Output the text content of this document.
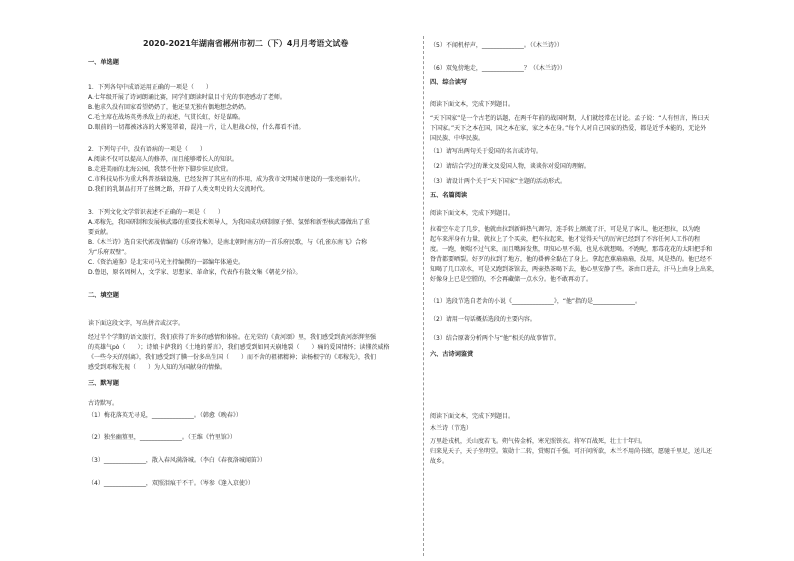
2020-2021年湖南省郴州市初二（下）4月月考语文试卷
一、单选题
1．下列各句中成语运用正确的一项是（　　）
A.七年级开展了诗词朗诵比赛，同学们朗读时鼠目寸光的事迹感动了老师。
B.他求久没有回家看望奶奶了，他还显无独有偶地想念奶奶。
C.毛主席在战场英勇杀敌上的表述，气贯长虹，好是谋略。
D.眼前的一切都被冰冻的大雾笼罩着，混沌一片，让人胆战心惊，什么都看不清。
2．下列句子中，没有语病的一项是（　　）
A.阅读不仅可以提高人的修养，而且能够增长人的知识。
B.走进美丽的北海公园，我禁不住停下脚步驻足欣赏。
C.市科技局作为重大科普基础设施，已经发挥了其应有的作用，成为我市文明城市建设的一张亮丽名片。
D.我们的乳制品打开了丝绸之路，开辟了人类文明史的大交流时代。
3．下列文化文学常识表述不正确的一项是（　　）
A.邓稼先，我国研制和发展核武器的重要技术领导人，为我国成功研制原子弹、氢弹和新型核武器做出了重
要贡献。
B.《木兰诗》选自宋代郭茂倩编的《乐府诗集》，是南北朝时南方的一首乐府民歌，与《孔雀东南飞》合称
为“乐府双璧”。
C.《资治通鉴》是北宋司马光主持编撰的一部编年体通史。
D.鲁迅，原名周树人，文学家、思想家、革命家，代表作有散文集《朝花夕拾》。
二、填空题
读下面这段文字，写出拼音或汉字。
经过半个学期的语文旅行，我们获得了许多的感情和体验。在光荣的《黄河颂》里，我们感受到黄河澎湃坚强
的英雄气pò（　　）；诗娘卡萨我的《土地的誓言》，我们感受到如同天崩地裂（　　）痛的爱国情怀；读懂茨威格
《一些今天的别离》，我们感受到了腆一份多出生国（　　）而不舍的祖裙精神；读杨根宁的《邓稼先》，我们
感受到邓稼先视（　　）为人知的为国献身的情操。
三、默写题
古诗默写。
（1）梅花落英无寻觅，______________。（韩愈《晚春》）
（2）独坐幽篁里，______________。（王维《竹里馆》）
（3）______________，散入春风满洛城。（李白《春夜洛城闻笛》）
（4）______________，双照泪痕干不干。（岑参《逢入京使》）
（5）不闻机杼声，______________。（《木兰诗》）
（6）双兔傍地走，______________？（《木兰诗》）
四、综合读写
阅读下面文本，完成下列题目。
“天下国家”是一个古老的话题，在两千年前的战国时期，人们就经常在讨论。孟子说：“人有恒言，皆曰天
下国家。”天下之本在国，国之本在家，家之本在身。”每个人对自己国家的热爱，都是近乎本能的，无论外
国民族、中华民族。
（1）请写出两句关于爱国的名言或诗句。
（2）请结合学过的课文及爱国人物，谈谈你对爱国的理解。
（3）请设计两个关于“天下国家”主题的活动形式。
五、名篇阅读
阅读下面文本，完成下列题目。
拉着空车走了几步，他就由拉到新鲜热气调匀，连手转上额流了汗，可是见了客儿，他还想拉，以为跑
起车来浑身有力量，就拉上了个买卖，把车拉起来，他才觉得天气的厉害已经到了不容任何人工作的程
度。一跑，便喘不过气来，而且嘴唇发焦，明知心里不渴，也见水就想喝。不跑呢，那毒花花的太阳把手和
脊背都要晒裂。好歹的拉到了地方，他的褂裤全黏在了身上。拿起芭蕉扇扇扇，没用，风是热的。他已经不
知喝了几口凉水，可是又跑到茶馆去，两壶热茶喝下去，他心里安静了些。茶由口进去，汗马上由身上出来，
好像身上已是空膛的，不会再藏储一点水分。他不敢再动了。
（1）选段节选自老舍的小说《______________》，“他”指的是______________。
（2）请用一句话概括选段的主要内容。
（3）结合原著分析两个与“他”相关的故事情节。
六、古诗词鉴赏
阅读下面文本，完成下列题目。
木兰诗（节选）
万里赴戎机，关山度若飞。朔气传金柝，寒光照铁衣。将军百战死，壮士十年归。
归来见天子，天子坐明堂。策勋十二转，赏赐百千强。可汗问所欲，木兰不用尚书郎，愿驰千里足，送儿还
故乡。
